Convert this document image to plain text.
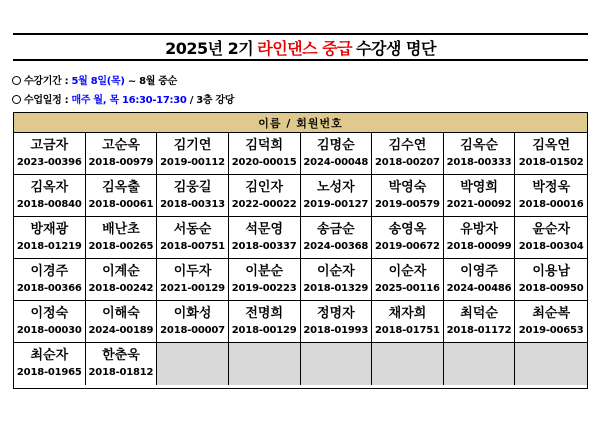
2025년 2기 라인댄스 중급 수강생 명단
수강기간 : 5월 8일(목) ~ 8월 중순
수업일정 : 매주 월, 목 16:30-17:30 / 3층 강당
이름 / 회원번호
고금자
2023-00396
고순옥
2018-00979
김기연
2019-00112
김덕희
2020-00015
김명순
2024-00048
김수연
2018-00207
김옥순
2018-00333
김옥연
2018-01502
김옥자
2018-00840
김옥출
2018-00061
김웅길
2018-00313
김인자
2022-00022
노성자
2019-00127
박영숙
2019-00579
박영희
2021-00092
박정욱
2018-00016
방재광
2018-01219
배난초
2018-00265
서동순
2018-00751
석문영
2018-00337
송금순
2024-00368
송영옥
2019-00672
유방자
2018-00099
윤순자
2018-00304
이경주
2018-00366
이계순
2018-00242
이두자
2021-00129
이분순
2019-00223
이순자
2018-01329
이순자
2025-00116
이영주
2024-00486
이용남
2018-00950
이정숙
2018-00030
이해숙
2024-00189
이화성
2018-00007
전명희
2018-00129
정명자
2018-01993
채자희
2018-01751
최덕순
2018-01172
최순복
2019-00653
최순자
2018-01965
한춘욱
2018-01812
